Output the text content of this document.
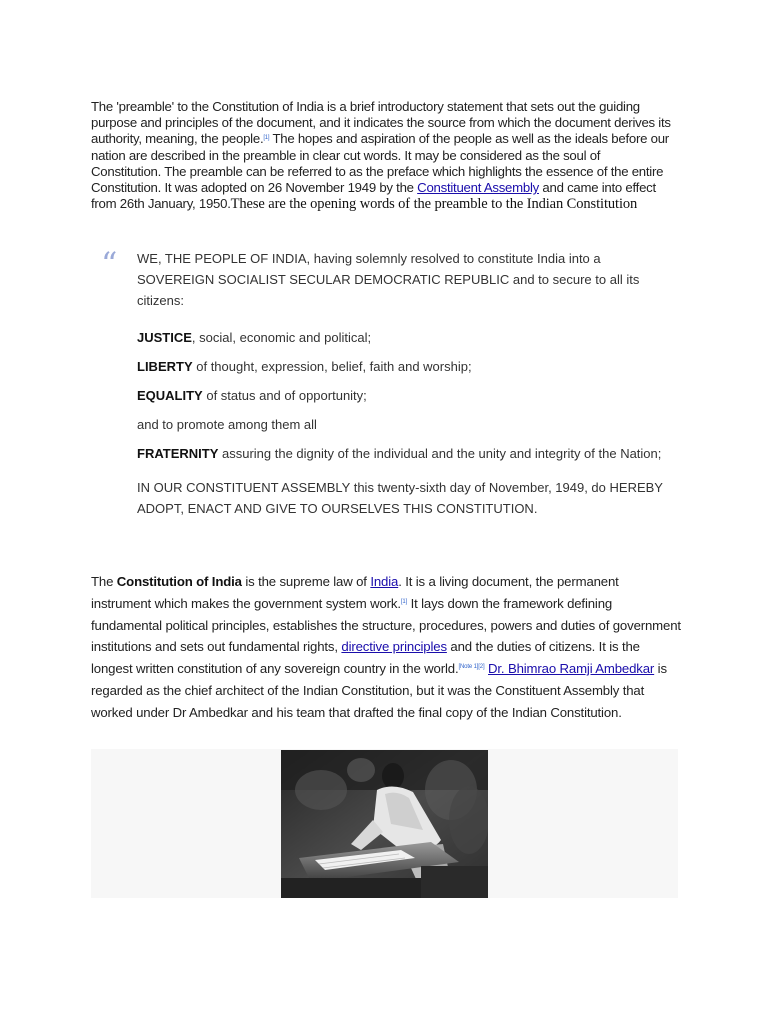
The 'preamble' to the Constitution of India is a brief introductory statement that sets out the guiding purpose and principles of the document, and it indicates the source from which the document derives its authority, meaning, the people.[1] The hopes and aspiration of the people as well as the ideals before our nation are described in the preamble in clear cut words. It may be considered as the soul of Constitution. The preamble can be referred to as the preface which highlights the essence of the entire Constitution. It was adopted on 26 November 1949 by the Constituent Assembly and came into effect from 26th January, 1950.These are the opening words of the preamble to the Indian Constitution

“ WE, THE PEOPLE OF INDIA, having solemnly resolved to constitute India into a SOVEREIGN SOCIALIST SECULAR DEMOCRATIC REPUBLIC and to secure to all its citizens:

JUSTICE, social, economic and political;

LIBERTY of thought, expression, belief, faith and worship;

EQUALITY of status and of opportunity;

and to promote among them all

FRATERNITY assuring the dignity of the individual and the unity and integrity of the Nation;

IN OUR CONSTITUENT ASSEMBLY this twenty-sixth day of November, 1949, do HEREBY ADOPT, ENACT AND GIVE TO OURSELVES THIS CONSTITUTION.

The Constitution of India is the supreme law of India. It is a living document, the permanent instrument which makes the government system work.[1] It lays down the framework defining fundamental political principles, establishes the structure, procedures, powers and duties of government institutions and sets out fundamental rights, directive principles and the duties of citizens. It is the longest written constitution of any sovereign country in the world.[Note 1][2] Dr. Bhimrao Ramji Ambedkar is regarded as the chief architect of the Indian Constitution, but it was the Constituent Assembly that worked under Dr Ambedkar and his team that drafted the final copy of the Indian Constitution.
